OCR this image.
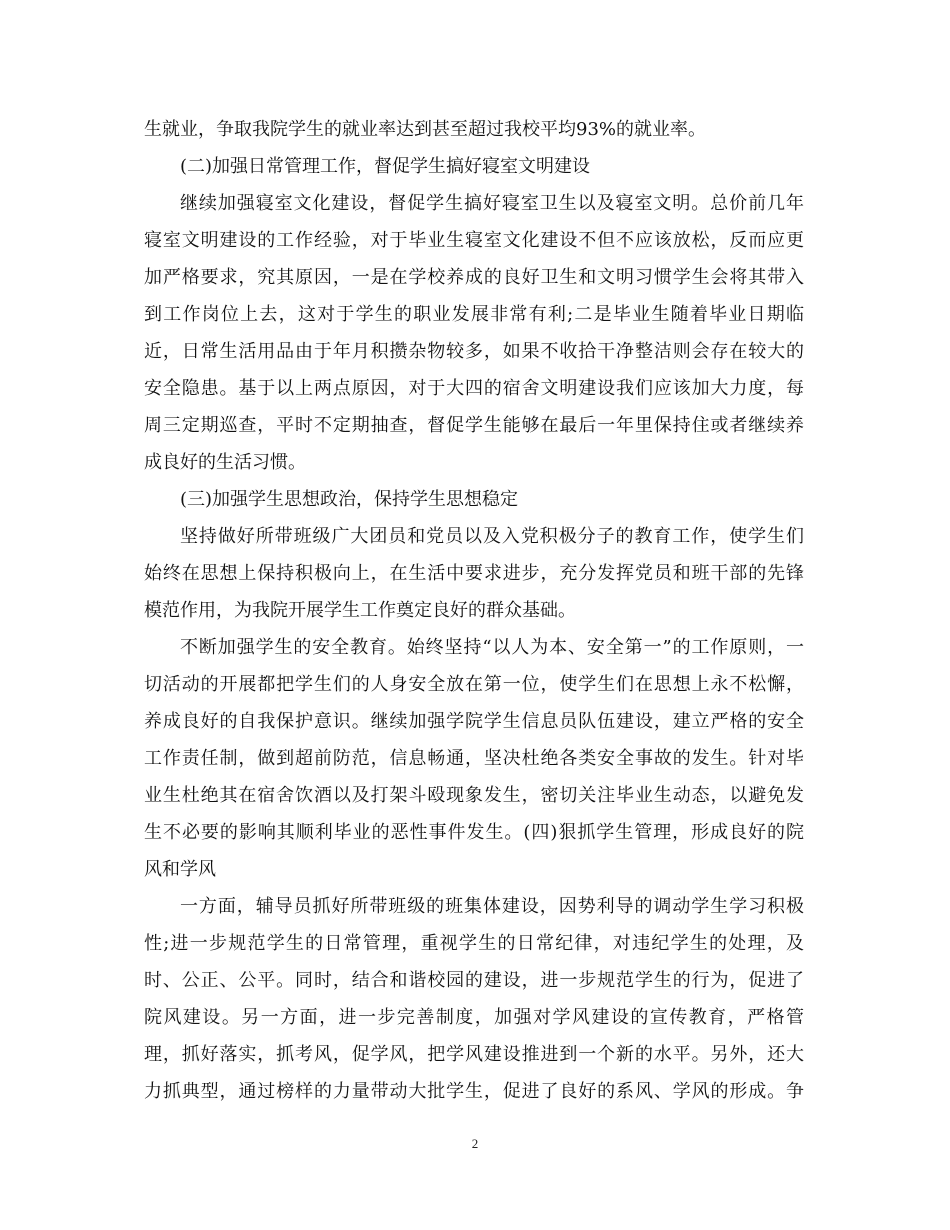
生就业，争取我院学生的就业率达到甚至超过我校平均93%的就业率。
(二)加强日常管理工作，督促学生搞好寝室文明建设
继续加强寝室文化建设，督促学生搞好寝室卫生以及寝室文明。总价前几年
寝室文明建设的工作经验，对于毕业生寝室文化建设不但不应该放松，反而应更
加严格要求，究其原因，一是在学校养成的良好卫生和文明习惯学生会将其带入
到工作岗位上去，这对于学生的职业发展非常有利;二是毕业生随着毕业日期临
近，日常生活用品由于年月积攒杂物较多，如果不收拾干净整洁则会存在较大的
安全隐患。基于以上两点原因，对于大四的宿舍文明建设我们应该加大力度，每
周三定期巡查，平时不定期抽查，督促学生能够在最后一年里保持住或者继续养
成良好的生活习惯。
(三)加强学生思想政治，保持学生思想稳定
坚持做好所带班级广大团员和党员以及入党积极分子的教育工作，使学生们
始终在思想上保持积极向上，在生活中要求进步，充分发挥党员和班干部的先锋
模范作用，为我院开展学生工作奠定良好的群众基础。
不断加强学生的安全教育。始终坚持“以人为本、安全第一”的工作原则，一
切活动的开展都把学生们的人身安全放在第一位，使学生们在思想上永不松懈，
养成良好的自我保护意识。继续加强学院学生信息员队伍建设，建立严格的安全
工作责任制，做到超前防范，信息畅通，坚决杜绝各类安全事故的发生。针对毕
业生杜绝其在宿舍饮酒以及打架斗殴现象发生，密切关注毕业生动态，以避免发
生不必要的影响其顺利毕业的恶性事件发生。(四)狠抓学生管理，形成良好的院
风和学风
一方面，辅导员抓好所带班级的班集体建设，因势利导的调动学生学习积极
性;进一步规范学生的日常管理，重视学生的日常纪律，对违纪学生的处理，及
时、公正、公平。同时，结合和谐校园的建设，进一步规范学生的行为，促进了
院风建设。另一方面，进一步完善制度，加强对学风建设的宣传教育，严格管
理，抓好落实，抓考风，促学风，把学风建设推进到一个新的水平。另外，还大
力抓典型，通过榜样的力量带动大批学生，促进了良好的系风、学风的形成。争
2
